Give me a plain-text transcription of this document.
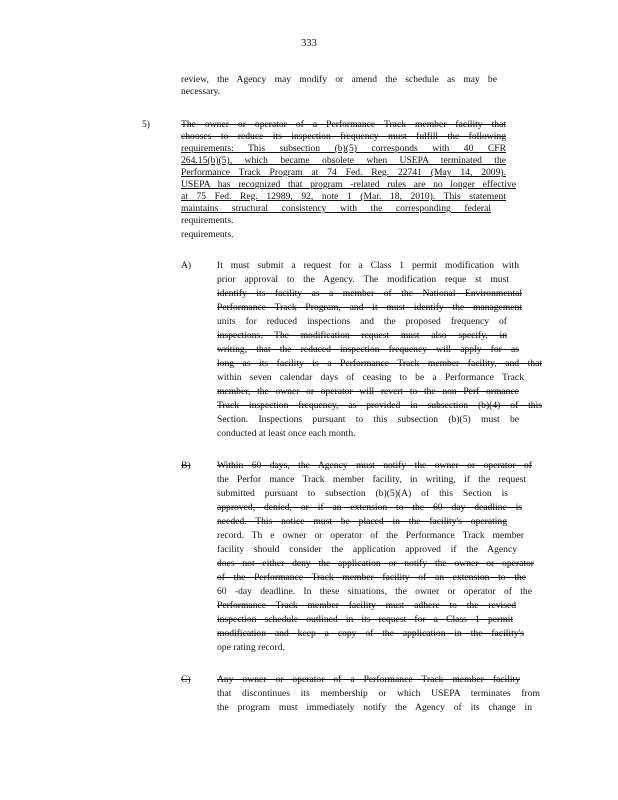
333
review, the Agency may modify or amend the schedule as may be
necessary.
5)	The owner or operator of a Performance Track member facility that
chooses to reduce its inspection frequency must fulfill the following
requirements: This subsection (b)(5) corresponds with 40 CFR
264.15(b)(5), which became obsolete when USEPA terminated the
Performance Track Program at 74 Fed. Reg. 22741 (May 14, 2009).
USEPA has recognized that program -related rules are no longer effective
at 75 Fed. Reg. 12989, 92, note 1 (Mar. 18, 2010). This statement
maintains structural consistency with the corresponding federal
requirements.
requirements.
A)	It must submit a request for a Class 1 permit modification with
prior approval to the Agency. The modification reque st must
identify its facility as a member of the National Environmental
Performance Track Program, and it must identify the management
units for reduced inspections and the proposed frequency of
inspections. The modification request must also specify, in
writing, that the reduced inspection frequency will apply for as
long as its facility is a Performance Track member facility, and that
within seven calendar days of ceasing to be a Performance Track
member, the owner or operator will revert to the non Perf ormance
Track inspection frequency, as provided in subsection (b)(4) of this
Section. Inspections pursuant to this subsection (b)(5) must be
conducted at least once each month.
B)	Within 60 days, the Agency must notify the owner or operator of
the Perfor mance Track member facility, in writing, if the request
submitted pursuant to subsection (b)(5)(A) of this Section is
approved, denied, or if an extension to the 60 day deadline is
needed. This notice must be placed in the facility's operating
record. Th e owner or operator of the Performance Track member
facility should consider the application approved if the Agency
does not either deny the application or notify the owner or operator
of the Performance Track member facility of an extension to the
60 -day deadline. In these situations, the owner or operator of the
Performance Track member facility must adhere to the revised
inspection schedule outlined in its request for a Class 1 permit
modification and keep a copy of the application in the facility's
ope rating record.
C)	Any owner or operator of a Performance Track member facility
that discontinues its membership or which USEPA terminates from
the program must immediately notify the Agency of its change in
